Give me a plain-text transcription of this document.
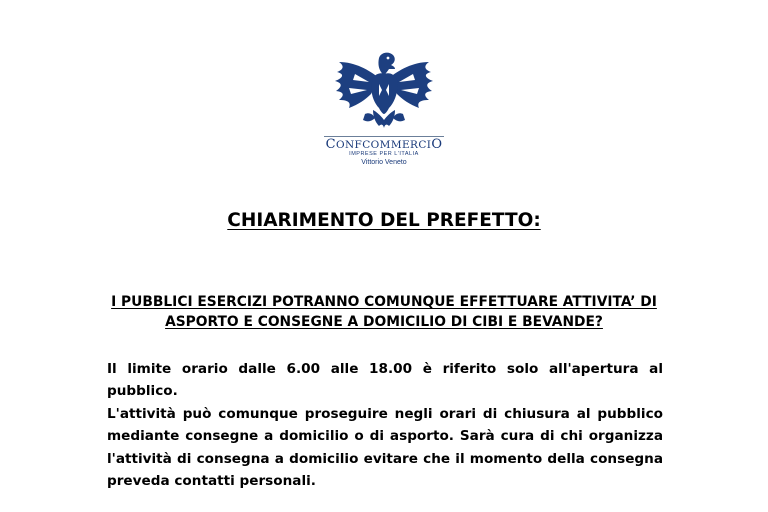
CONFCOMMERCIO
IMPRESE PER L'ITALIA
Vittorio Veneto
CHIARIMENTO DEL PREFETTO:
I PUBBLICI ESERCIZI POTRANNO COMUNQUE EFFETTUARE ATTIVITA’ DI
ASPORTO E CONSEGNE A DOMICILIO DI CIBI E BEVANDE?
Il limite orario dalle 6.00 alle 18.00 è riferito solo all'apertura al pubblico.
L'attività può comunque proseguire negli orari di chiusura al pubblico
mediante consegne a domicilio o di asporto. Sarà cura di chi organizza
l'attività di consegna a domicilio evitare che il momento della consegna
preveda contatti personali.
